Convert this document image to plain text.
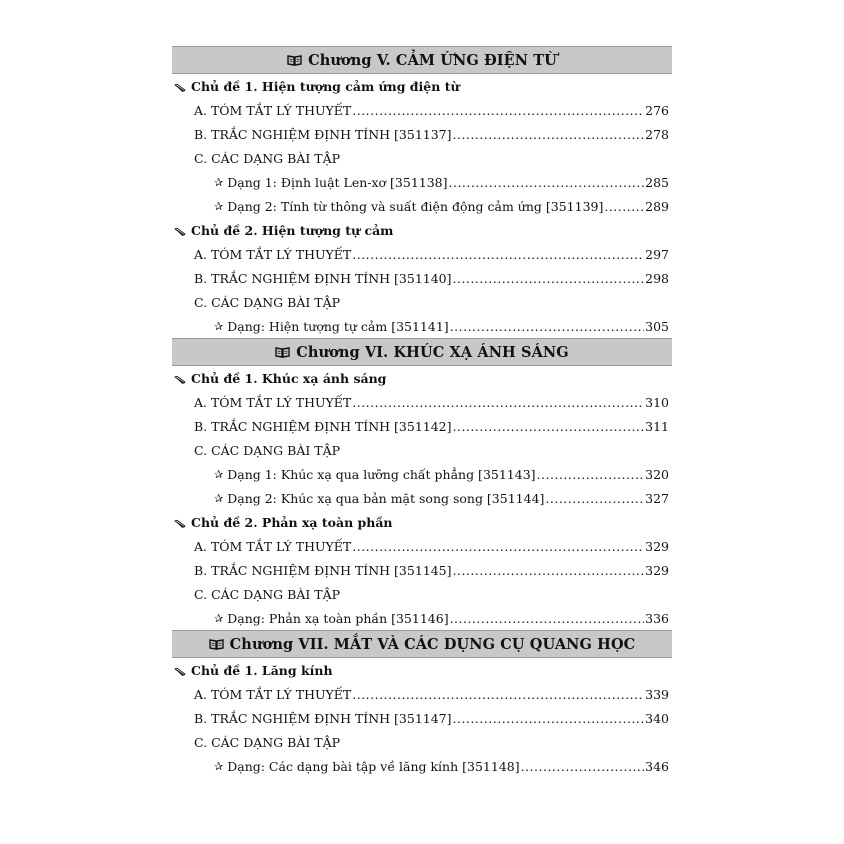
Chương V. CẢM ỨNG ĐIỆN TỪ
Chủ đề 1. Hiện tượng cảm ứng điện từ
A. TÓM TẮT LÝ THUYẾT .....	276
B. TRẮC NGHIỆM ĐỊNH TÍNH [351137] .....	278
C. CÁC DẠNG BÀI TẬP
✰ Dạng 1: Định luật Len-xơ [351138] .....	285
✰ Dạng 2: Tính từ thông và suất điện động cảm ứng [351139] .....	289
Chủ đề 2. Hiện tượng tự cảm
A. TÓM TẮT LÝ THUYẾT .....	297
B. TRẮC NGHIỆM ĐỊNH TÍNH [351140] .....	298
C. CÁC DẠNG BÀI TẬP
✰ Dạng: Hiện tượng tự cảm [351141] .....	305
Chương VI. KHÚC XẠ ÁNH SÁNG
Chủ đề 1. Khúc xạ ánh sáng
A. TÓM TẮT LÝ THUYẾT .....	310
B. TRẮC NGHIỆM ĐỊNH TÍNH [351142] .....	311
C. CÁC DẠNG BÀI TẬP
✰ Dạng 1: Khúc xạ qua lưỡng chất phẳng [351143] .....	320
✰ Dạng 2: Khúc xạ qua bản mặt song song [351144] .....	327
Chủ đề 2. Phản xạ toàn phần
A. TÓM TẮT LÝ THUYẾT .....	329
B. TRẮC NGHIỆM ĐỊNH TÍNH [351145] .....	329
C. CÁC DẠNG BÀI TẬP
✰ Dạng: Phản xạ toàn phần [351146] .....	336
Chương VII. MẮT VÀ CÁC DỤNG CỤ QUANG HỌC
Chủ đề 1. Lăng kính
A. TÓM TẮT LÝ THUYẾT .....	339
B. TRẮC NGHIỆM ĐỊNH TÍNH [351147] .....	340
C. CÁC DẠNG BÀI TẬP
✰ Dạng: Các dạng bài tập về lăng kính [351148] .....	346
